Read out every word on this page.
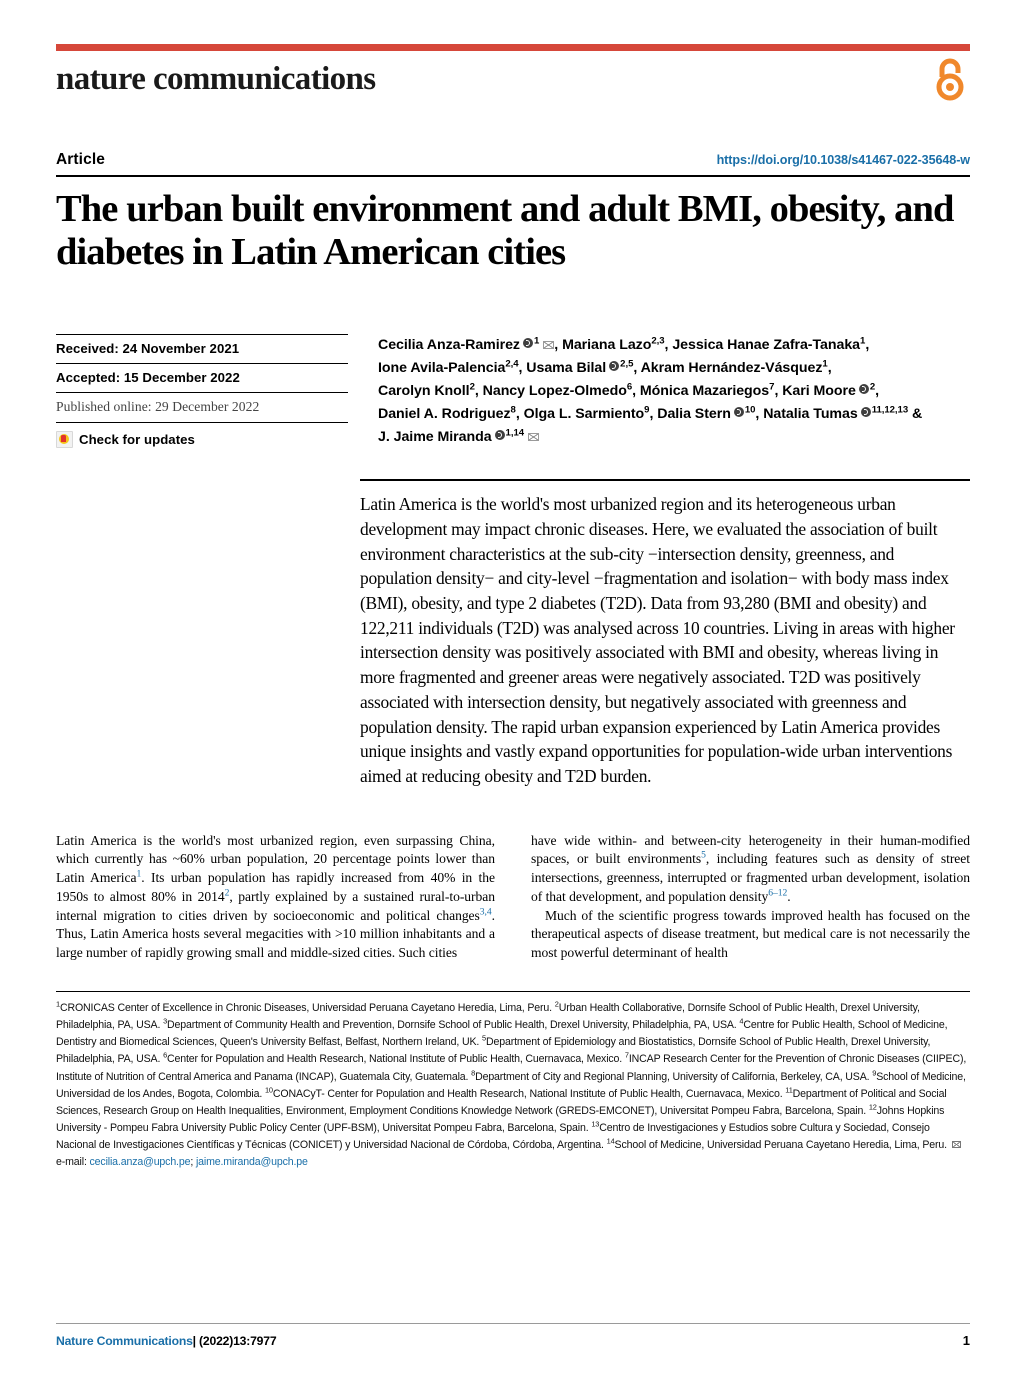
nature communications
Article	https://doi.org/10.1038/s41467-022-35648-w
The urban built environment and adult BMI, obesity, and diabetes in Latin American cities
Received: 24 November 2021
Accepted: 15 December 2022
Published online: 29 December 2022
Check for updates
Cecilia Anza-Ramirez $^1$ , Mariana Lazo$^{2,3}$, Jessica Hanae Zafra-Tanaka$^1$,
Ione Avila-Palencia$^{2,4}$, Usama Bilal $^{2,5}$, Akram Hernández-Vásquez$^1$,
Carolyn Knoll$^2$, Nancy Lopez-Olmedo$^6$, Mónica Mazariegos$^7$, Kari Moore $^2$,
Daniel A. Rodriguez$^8$, Olga L. Sarmiento$^9$, Dalia Stern $^{10}$, Natalia Tumas $^{11,12,13}$ &
J. Jaime Miranda $^{1,14}$
Latin America is the world's most urbanized region and its heterogeneous urban development may impact chronic diseases. Here, we evaluated the association of built environment characteristics at the sub-city −intersection density, greenness, and population density− and city-level −fragmentation and isolation− with body mass index (BMI), obesity, and type 2 diabetes (T2D). Data from 93,280 (BMI and obesity) and 122,211 individuals (T2D) was analysed across 10 countries. Living in areas with higher intersection density was positively associated with BMI and obesity, whereas living in more fragmented and greener areas were negatively associated. T2D was positively associated with intersection density, but negatively associated with greenness and population density. The rapid urban expansion experienced by Latin America provides unique insights and vastly expand opportunities for population-wide urban interventions aimed at reducing obesity and T2D burden.

Latin America is the world's most urbanized region, even surpassing China, which currently has ~60% urban population, 20 percentage points lower than Latin America$^1$. Its urban population has rapidly increased from 40% in the 1950s to almost 80% in 2014$^2$, partly explained by a sustained rural-to-urban internal migration to cities driven by socioeconomic and political changes$^{3,4}$. Thus, Latin America hosts several megacities with >10 million inhabitants and a large number of rapidly growing small and middle-sized cities. Such cities

have wide within- and between-city heterogeneity in their human-modified spaces, or built environments$^5$, including features such as density of street intersections, greenness, interrupted or fragmented urban development, isolation of that development, and population density$^{6-12}$.

Much of the scientific progress towards improved health has focused on the therapeutical aspects of disease treatment, but medical care is not necessarily the most powerful determinant of health

$^1$CRONICAS Center of Excellence in Chronic Diseases, Universidad Peruana Cayetano Heredia, Lima, Peru. $^2$Urban Health Collaborative, Dornsife School of Public Health, Drexel University, Philadelphia, PA, USA. $^3$Department of Community Health and Prevention, Dornsife School of Public Health, Drexel University, Philadelphia, PA, USA. $^4$Centre for Public Health, School of Medicine, Dentistry and Biomedical Sciences, Queen's University Belfast, Belfast, Northern Ireland, UK. $^5$Department of Epidemiology and Biostatistics, Dornsife School of Public Health, Drexel University, Philadelphia, PA, USA. $^6$Center for Population and Health Research, National Institute of Public Health, Cuernavaca, Mexico. $^7$INCAP Research Center for the Prevention of Chronic Diseases (CIIPEC), Institute of Nutrition of Central America and Panama (INCAP), Guatemala City, Guatemala. $^8$Department of City and Regional Planning, University of California, Berkeley, CA, USA. $^9$School of Medicine, Universidad de los Andes, Bogota, Colombia. $^{10}$CONACyT- Center for Population and Health Research, National Institute of Public Health, Cuernavaca, Mexico. $^{11}$Department of Political and Social Sciences, Research Group on Health Inequalities, Environment, Employment Conditions Knowledge Network (GREDS-EMCONET), Universitat Pompeu Fabra, Barcelona, Spain. $^{12}$Johns Hopkins University - Pompeu Fabra University Public Policy Center (UPF-BSM), Universitat Pompeu Fabra, Barcelona, Spain. $^{13}$Centro de Investigaciones y Estudios sobre Cultura y Sociedad, Consejo Nacional de Investigaciones Científicas y Técnicas (CONICET) y Universidad Nacional de Córdoba, Córdoba, Argentina. $^{14}$School of Medicine, Universidad Peruana Cayetano Heredia, Lima, Peru. e-mail: cecilia.anza@upch.pe; jaime.miranda@upch.pe
Nature Communications| (2022)13:7977	1
